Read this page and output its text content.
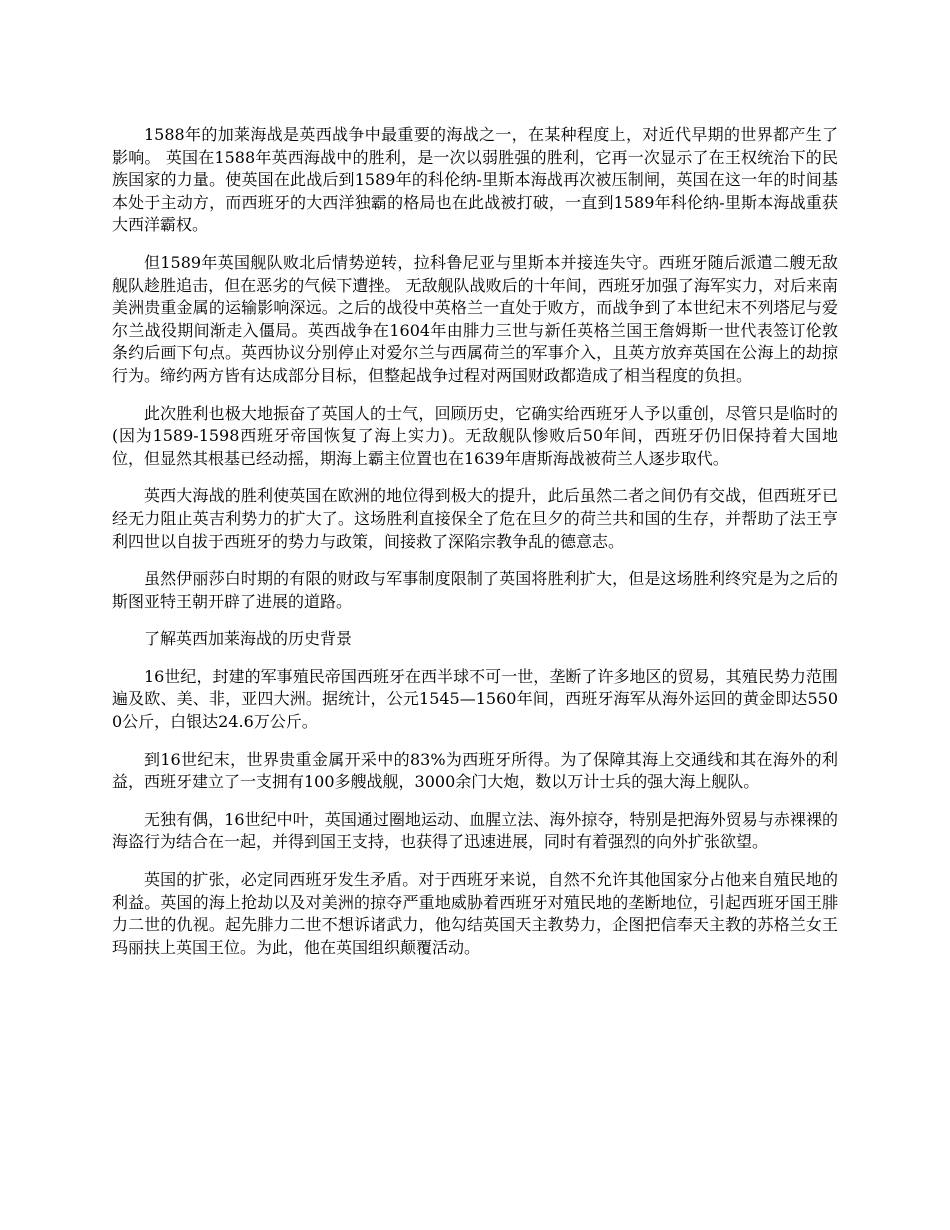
1588年的加莱海战是英西战争中最重要的海战之一，在某种程度上，对近代早期的世界都产生了影响。 英国在1588年英西海战中的胜利，是一次以弱胜强的胜利，它再一次显示了在王权统治下的民族国家的力量。使英国在此战后到1589年的科伦纳-里斯本海战再次被压制闸，英国在这一年的时间基本处于主动方，而西班牙的大西洋独霸的格局也在此战被打破，一直到1589年科伦纳-里斯本海战重获大西洋霸权。

但1589年英国舰队败北后情势逆转，拉科鲁尼亚与里斯本并接连失守。西班牙随后派遣二艘无敌舰队趁胜追击，但在恶劣的气候下遭挫。 无敌舰队战败后的十年间，西班牙加强了海军实力，对后来南美洲贵重金属的运输影响深远。之后的战役中英格兰一直处于败方，而战争到了本世纪末不列塔尼与爱尔兰战役期间渐走入僵局。英西战争在1604年由腓力三世与新任英格兰国王詹姆斯一世代表签订伦敦条约后画下句点。英西协议分别停止对爱尔兰与西属荷兰的军事介入，且英方放弃英国在公海上的劫掠行为。缔约两方皆有达成部分目标，但整起战争过程对两国财政都造成了相当程度的负担。

此次胜利也极大地振奋了英国人的士气，回顾历史，它确实给西班牙人予以重创，尽管只是临时的(因为1589-1598西班牙帝国恢复了海上实力)。无敌舰队惨败后50年间，西班牙仍旧保持着大国地位，但显然其根基已经动摇，期海上霸主位置也在1639年唐斯海战被荷兰人逐步取代。

英西大海战的胜利使英国在欧洲的地位得到极大的提升，此后虽然二者之间仍有交战，但西班牙已经无力阻止英吉利势力的扩大了。这场胜利直接保全了危在旦夕的荷兰共和国的生存，并帮助了法王亨利四世以自拔于西班牙的势力与政策，间接救了深陷宗教争乱的德意志。

虽然伊丽莎白时期的有限的财政与军事制度限制了英国将胜利扩大，但是这场胜利终究是为之后的斯图亚特王朝开辟了进展的道路。

了解英西加莱海战的历史背景

16世纪，封建的军事殖民帝国西班牙在西半球不可一世，垄断了许多地区的贸易，其殖民势力范围遍及欧、美、非，亚四大洲。据统计，公元1545—1560年间，西班牙海军从海外运回的黄金即达5500公斤，白银达24.6万公斤。

到16世纪末，世界贵重金属开采中的83%为西班牙所得。为了保障其海上交通线和其在海外的利益，西班牙建立了一支拥有100多艘战舰，3000余门大炮，数以万计士兵的强大海上舰队。

无独有偶，16世纪中叶，英国通过圈地运动、血腥立法、海外掠夺，特别是把海外贸易与赤裸裸的海盗行为结合在一起，并得到国王支持，也获得了迅速进展，同时有着强烈的向外扩张欲望。

英国的扩张，必定同西班牙发生矛盾。对于西班牙来说，自然不允许其他国家分占他来自殖民地的利益。英国的海上抢劫以及对美洲的掠夺严重地威胁着西班牙对殖民地的垄断地位，引起西班牙国王腓力二世的仇视。起先腓力二世不想诉诸武力，他勾结英国天主教势力，企图把信奉天主教的苏格兰女王玛丽扶上英国王位。为此，他在英国组织颠覆活动。
